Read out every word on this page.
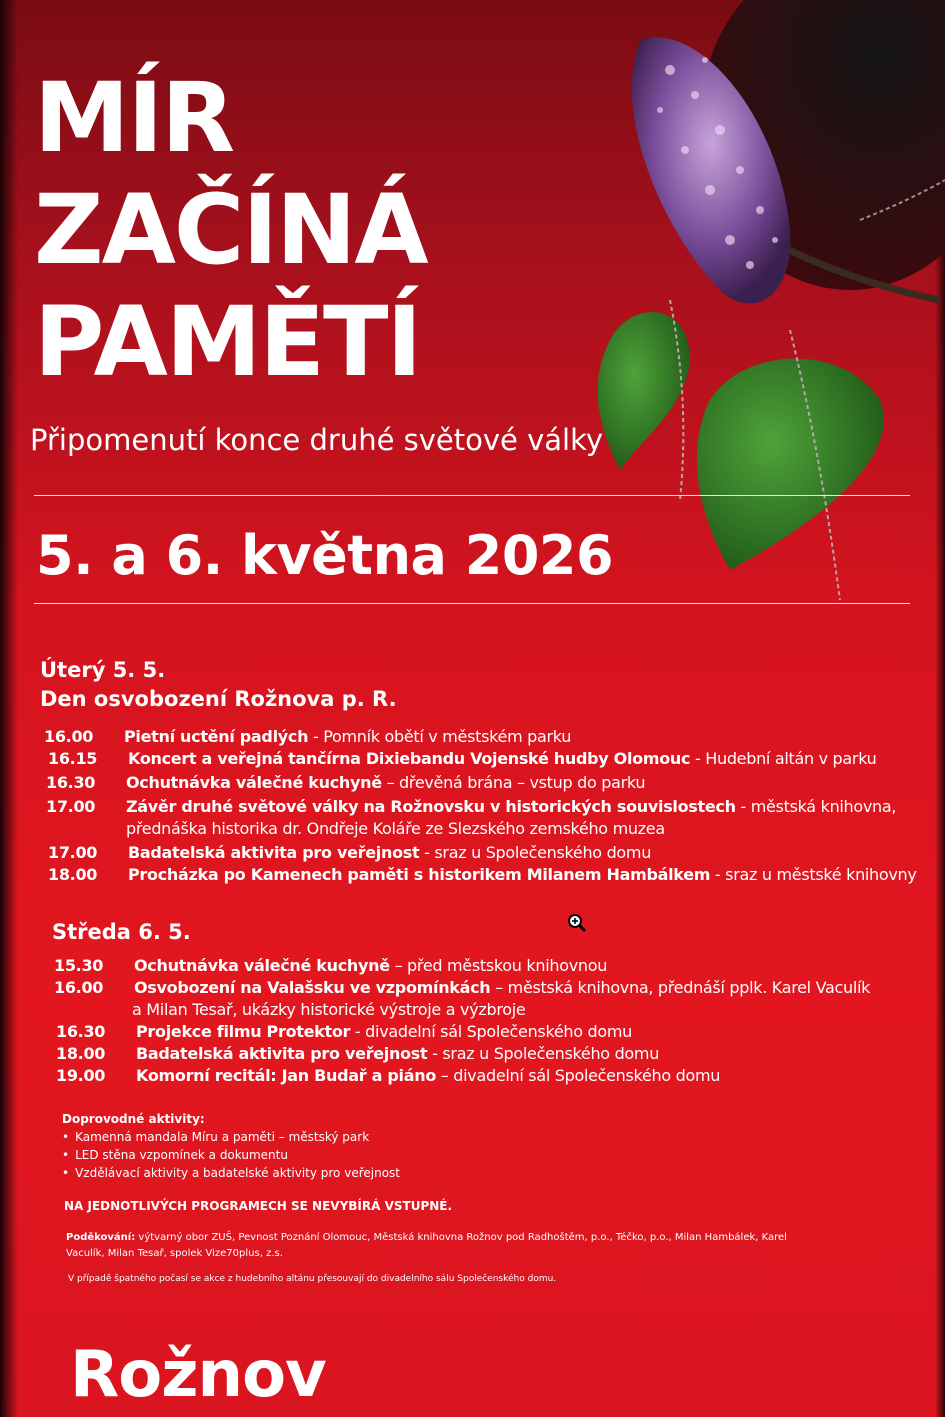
MÍR
ZAČÍNÁ
PAMĚTÍ
Připomenutí konce druhé světové války
5. a 6. května 2026
Úterý 5. 5.
Den osvobození Rožnova p. R.
16.00	Pietní uctění padlých - Pomník obětí v městském parku
16.15	Koncert a veřejná tančírna Dixiebandu Vojenské hudby Olomouc - Hudební altán v parku
16.30	Ochutnávka válečné kuchyně – dřevěná brána – vstup do parku
17.00	Závěr druhé světové války na Rožnovsku v historických souvislostech - městská knihovna,
přednáška historika dr. Ondřeje Koláře ze Slezského zemského muzea
17.00	Badatelská aktivita pro veřejnost - sraz u Společenského domu
18.00	Procházka po Kamenech paměti s historikem Milanem Hambálkem - sraz u městské knihovny
Středa 6. 5.
15.30	Ochutnávka válečné kuchyně – před městskou knihovnou
16.00	Osvobození na Valašsku ve vzpomínkách – městská knihovna, přednáší pplk. Karel Vaculík
a Milan Tesař, ukázky historické výstroje a výzbroje
16.30	Projekce filmu Protektor - divadelní sál Společenského domu
18.00	Badatelská aktivita pro veřejnost - sraz u Společenského domu
19.00	Komorní recitál: Jan Budař a piáno – divadelní sál Společenského domu
Doprovodné aktivity:
• Kamenná mandala Míru a paměti – městský park
• LED stěna vzpomínek a dokumentu
• Vzdělávací aktivity a badatelské aktivity pro veřejnost
NA JEDNOTLIVÝCH PROGRAMECH SE NEVYBÍRÁ VSTUPNÉ.
Poděkování: výtvarný obor ZUŠ, Pevnost Poznání Olomouc, Městská knihovna Rožnov pod Radhoštěm, p.o., Téčko, p.o., Milan Hambálek, Karel Vaculík, Milan Tesař, spolek Vize70plus, z.s.
V případě špatného počasí se akce z hudebního altánu přesouvají do divadelního sálu Společenského domu.
Rožnov
